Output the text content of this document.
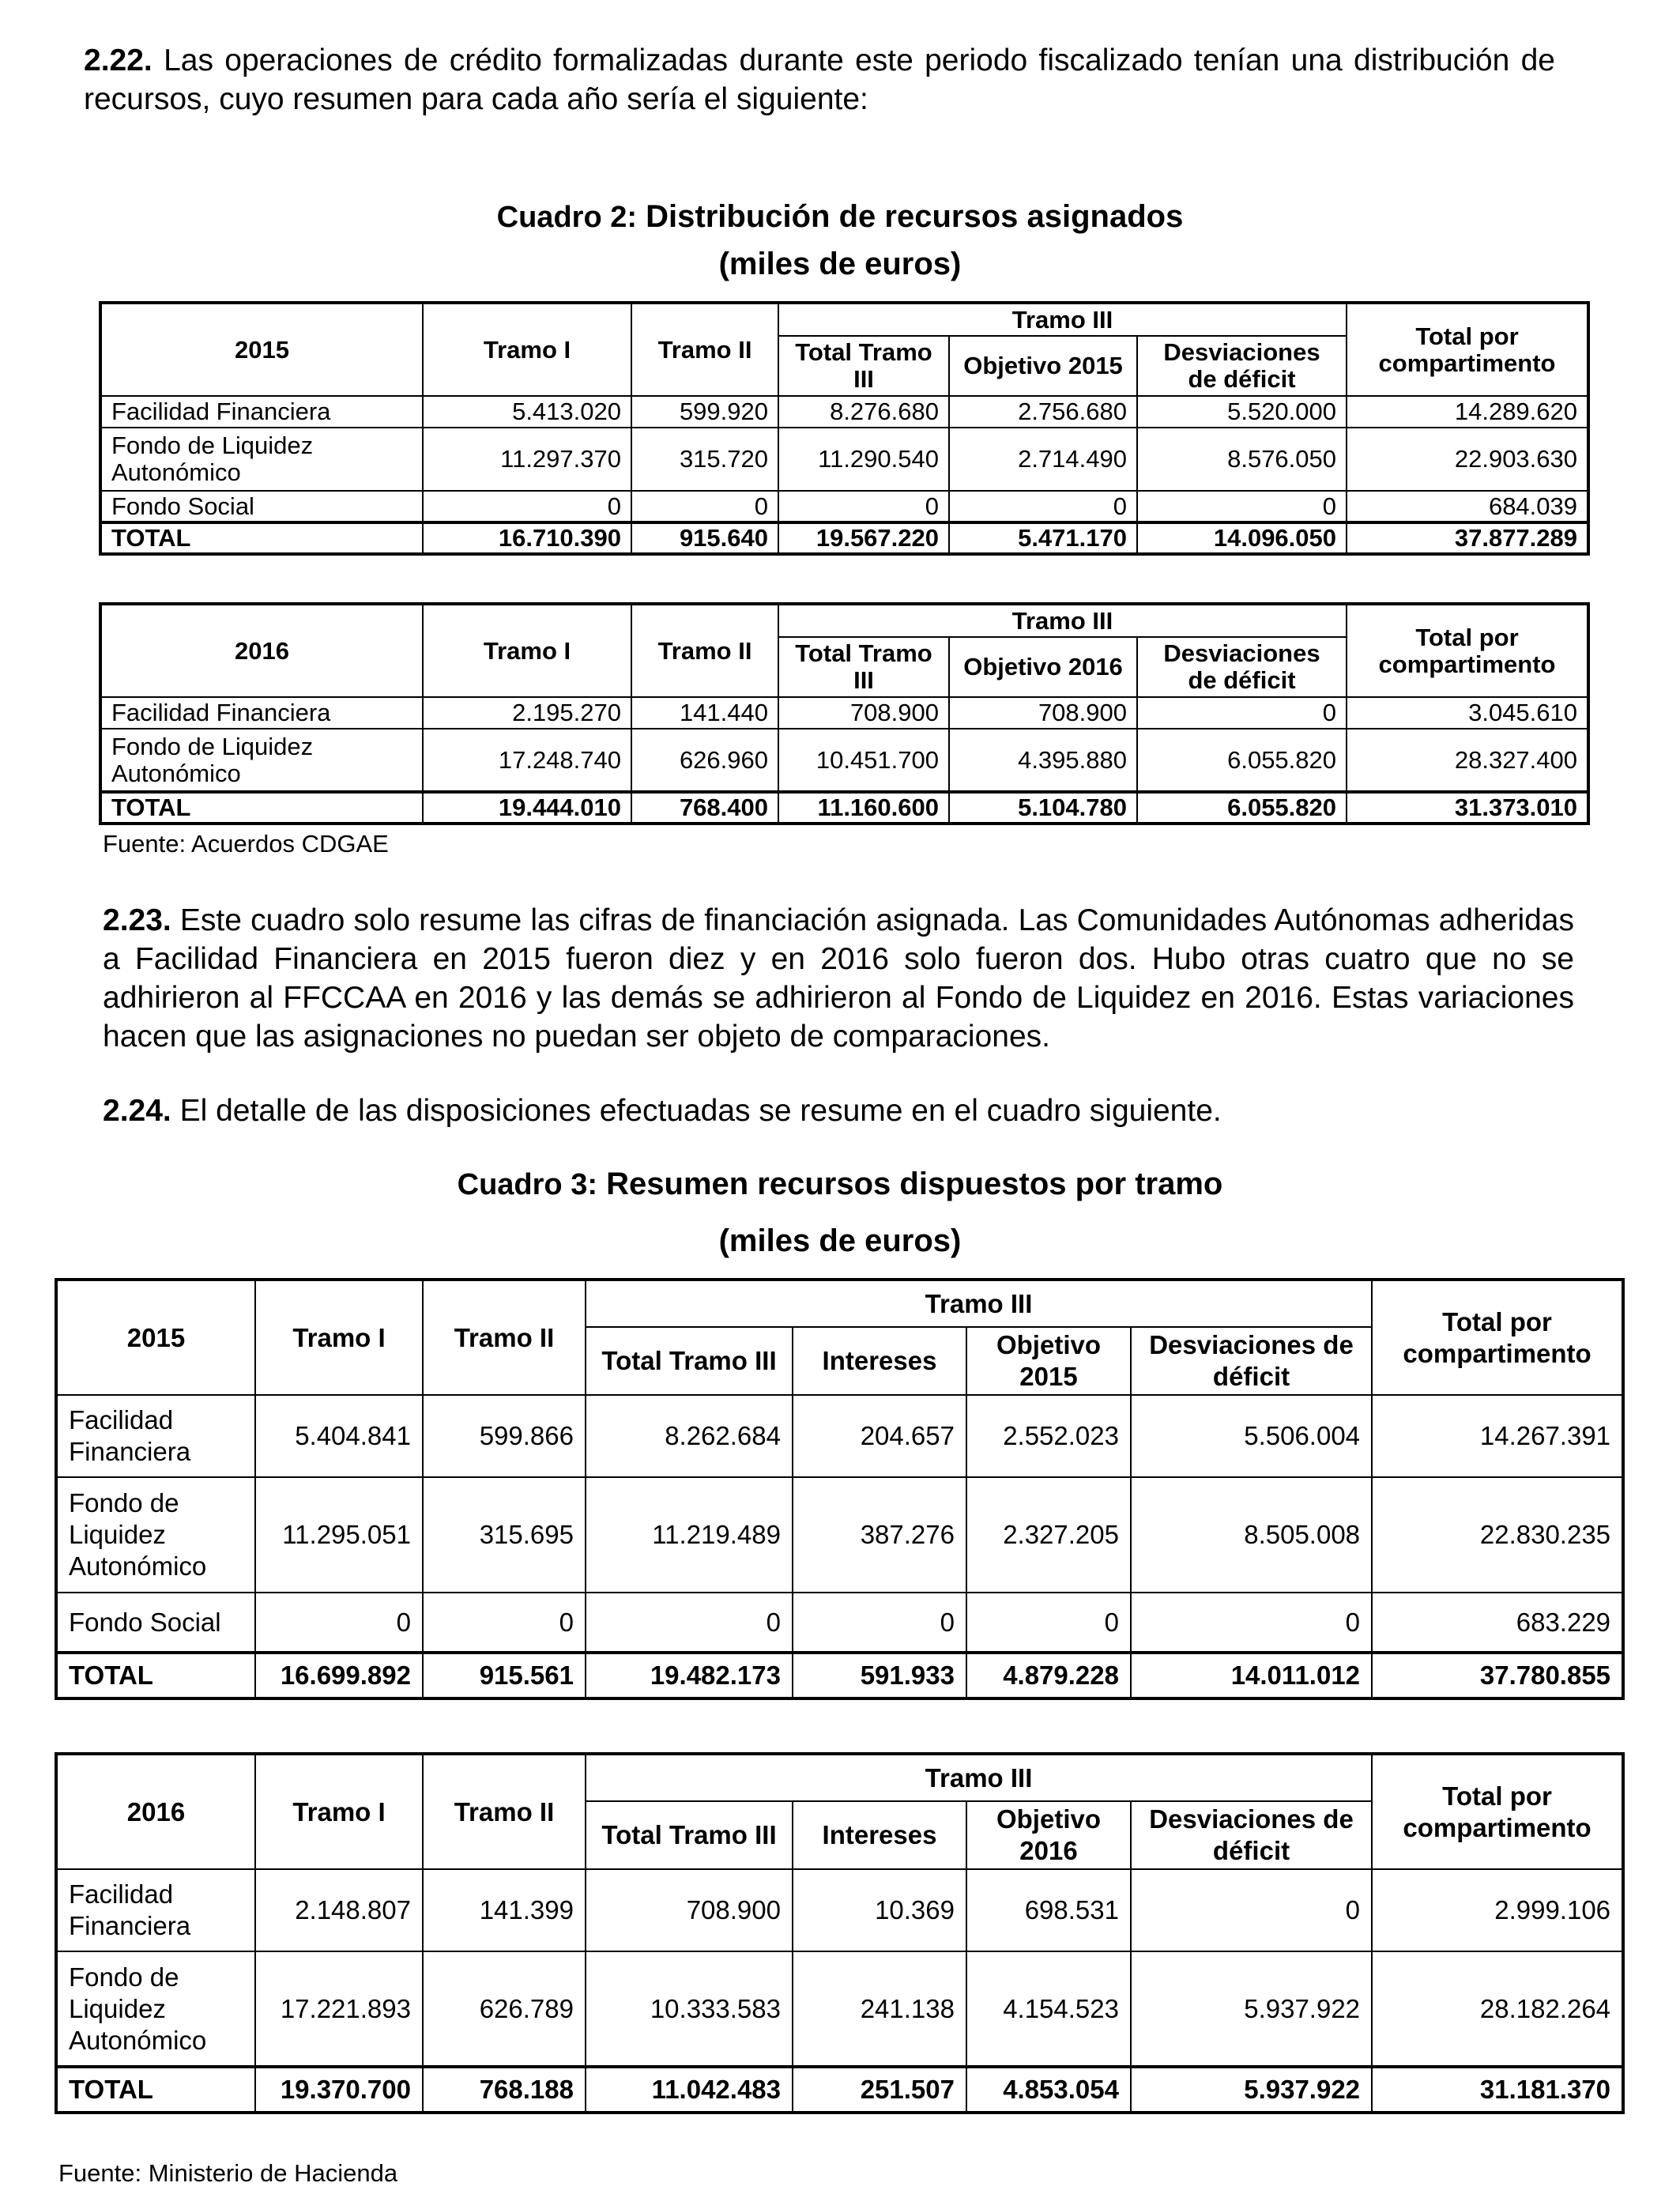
2.22. Las operaciones de crédito formalizadas durante este periodo fiscalizado tenían una distribución de recursos, cuyo resumen para cada año sería el siguiente:
Cuadro 2: Distribución de recursos asignados
(miles de euros)
2015	Tramo I	Tramo II	Tramo III			Total por compartimento
			Total Tramo III	Objetivo 2015	Desviaciones de déficit	
Facilidad Financiera	5.413.020	599.920	8.276.680	2.756.680	5.520.000	14.289.620
Fondo de Liquidez Autonómico	11.297.370	315.720	11.290.540	2.714.490	8.576.050	22.903.630
Fondo Social	0	0	0	0	0	684.039
TOTAL	16.710.390	915.640	19.567.220	5.471.170	14.096.050	37.877.289
2016	Tramo I	Tramo II	Tramo III			Total por compartimento
			Total Tramo III	Objetivo 2016	Desviaciones de déficit	
Facilidad Financiera	2.195.270	141.440	708.900	708.900	0	3.045.610
Fondo de Liquidez Autonómico	17.248.740	626.960	10.451.700	4.395.880	6.055.820	28.327.400
TOTAL	19.444.010	768.400	11.160.600	5.104.780	6.055.820	31.373.010
Fuente: Acuerdos CDGAE
2.23. Este cuadro solo resume las cifras de financiación asignada. Las Comunidades Autónomas adheridas a Facilidad Financiera en 2015 fueron diez y en 2016 solo fueron dos. Hubo otras cuatro que no se adhirieron al FFCCAA en 2016 y las demás se adhirieron al Fondo de Liquidez en 2016. Estas variaciones hacen que las asignaciones no puedan ser objeto de comparaciones.
2.24. El detalle de las disposiciones efectuadas se resume en el cuadro siguiente.
Cuadro 3: Resumen recursos dispuestos por tramo
(miles de euros)
2015	Tramo I	Tramo II	Tramo III				Total por compartimento
			Total Tramo III	Intereses	Objetivo 2015	Desviaciones de déficit	
Facilidad Financiera	5.404.841	599.866	8.262.684	204.657	2.552.023	5.506.004	14.267.391
Fondo de Liquidez Autonómico	11.295.051	315.695	11.219.489	387.276	2.327.205	8.505.008	22.830.235
Fondo Social	0	0	0	0	0	0	683.229
TOTAL	16.699.892	915.561	19.482.173	591.933	4.879.228	14.011.012	37.780.855
2016	Tramo I	Tramo II	Tramo III				Total por compartimento
			Total Tramo III	Intereses	Objetivo 2016	Desviaciones de déficit	
Facilidad Financiera	2.148.807	141.399	708.900	10.369	698.531	0	2.999.106
Fondo de Liquidez Autonómico	17.221.893	626.789	10.333.583	241.138	4.154.523	5.937.922	28.182.264
TOTAL	19.370.700	768.188	11.042.483	251.507	4.853.054	5.937.922	31.181.370
Fuente: Ministerio de Hacienda
